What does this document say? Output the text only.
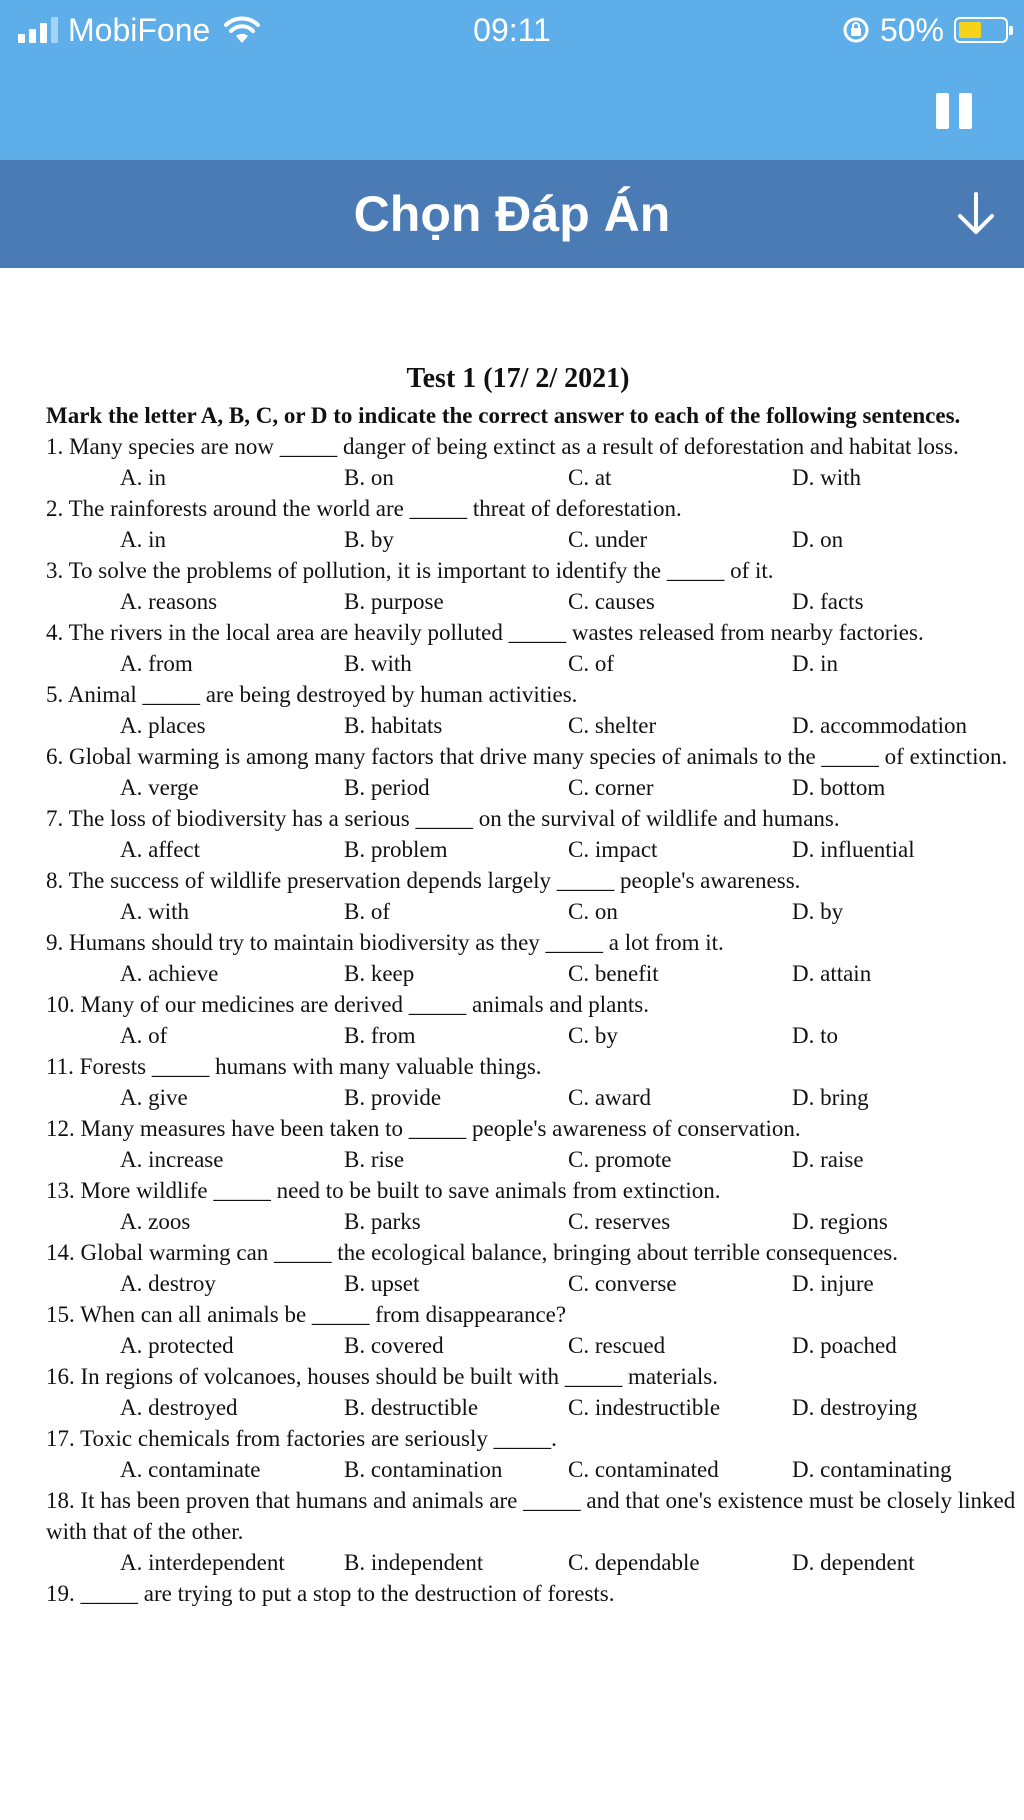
MobiFone	09:11	50%
Chọn Đáp Án
Test 1 (17/ 2/ 2021)
Mark the letter A, B, C, or D to indicate the correct answer to each of the following sentences.
1. Many species are now _____ danger of being extinct as a result of deforestation and habitat loss.
A. in	B. on	C. at	D. with
2. The rainforests around the world are _____ threat of deforestation.
A. in	B. by	C. under	D. on
3. To solve the problems of pollution, it is important to identify the _____ of it.
A. reasons	B. purpose	C. causes	D. facts
4. The rivers in the local area are heavily polluted _____ wastes released from nearby factories.
A. from	B. with	C. of	D. in
5. Animal _____ are being destroyed by human activities.
A. places	B. habitats	C. shelter	D. accommodation
6. Global warming is among many factors that drive many species of animals to the _____ of extinction.
A. verge	B. period	C. corner	D. bottom
7. The loss of biodiversity has a serious _____ on the survival of wildlife and humans.
A. affect	B. problem	C. impact	D. influential
8. The success of wildlife preservation depends largely _____ people's awareness.
A. with	B. of	C. on	D. by
9. Humans should try to maintain biodiversity as they _____ a lot from it.
A. achieve	B. keep	C. benefit	D. attain
10. Many of our medicines are derived _____ animals and plants.
A. of	B. from	C. by	D. to
11. Forests _____ humans with many valuable things.
A. give	B. provide	C. award	D. bring
12. Many measures have been taken to _____ people's awareness of conservation.
A. increase	B. rise	C. promote	D. raise
13. More wildlife _____ need to be built to save animals from extinction.
A. zoos	B. parks	C. reserves	D. regions
14. Global warming can _____ the ecological balance, bringing about terrible consequences.
A. destroy	B. upset	C. converse	D. injure
15. When can all animals be _____ from disappearance?
A. protected	B. covered	C. rescued	D. poached
16. In regions of volcanoes, houses should be built with _____ materials.
A. destroyed	B. destructible	C. indestructible	D. destroying
17. Toxic chemicals from factories are seriously _____.
A. contaminate	B. contamination	C. contaminated	D. contaminating
18. It has been proven that humans and animals are _____ and that one's existence must be closely linked with that of the other.
A. interdependent	B. independent	C. dependable	D. dependent
19. _____ are trying to put a stop to the destruction of forests.
